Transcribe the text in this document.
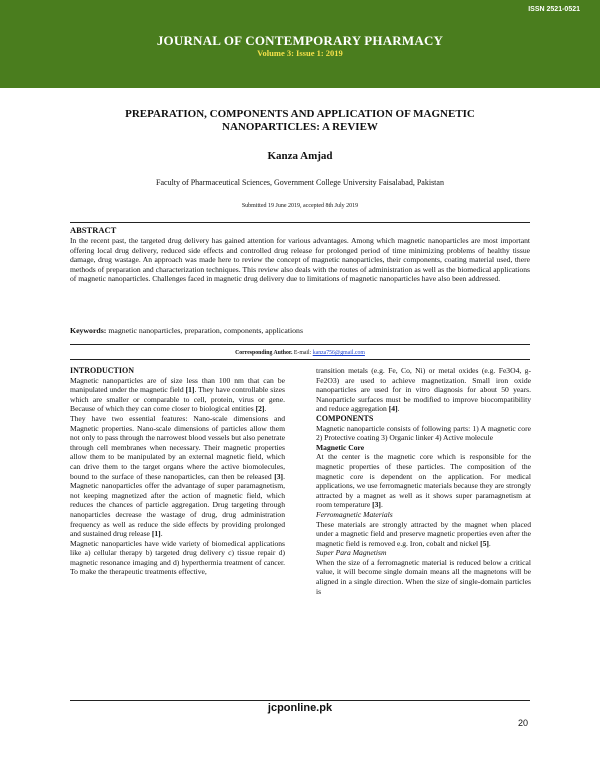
ISSN 2521-0521
JOURNAL OF CONTEMPORARY PHARMACY
Volume 3: Issue 1: 2019
PREPARATION, COMPONENTS AND APPLICATION OF MAGNETIC
NANOPARTICLES: A REVIEW
Kanza Amjad
Faculty of Pharmaceutical Sciences, Government College University Faisalabad, Pakistan
Submitted 19 June 2019, accepted 8th July 2019
ABSTRACT
In the recent past, the targeted drug delivery has gained attention for various advantages. Among which magnetic nanoparticles are most important offering local drug delivery, reduced side effects and controlled drug release for prolonged period of time minimizing problems of healthy tissue damage, drug wastage. An approach was made here to review the concept of magnetic nanoparticles, their components, coating material used, there methods of preparation and characterization techniques. This review also deals with the routes of administration as well as the biomedical applications of magnetic nanoparticles. Challenges faced in magnetic drug delivery due to limitations of magnetic nanoparticles have also been addressed.
Keywords: magnetic nanoparticles, preparation, components, applications
Corresponding Author. E-mail: kanza756@gmail.com

INTRODUCTION

Magnetic nanoparticles are of size less than 100 nm that can be manipulated under the magnetic field [1]. They have controllable sizes which are smaller or comparable to cell, protein, virus or gene. Because of which they can come closer to biological entities [2].

They have two essential features: Nano-scale dimensions and Magnetic properties. Nano-scale dimensions of particles allow them not only to pass through the narrowest blood vessels but also penetrate through cell membranes when necessary. Their magnetic properties allow them to be manipulated by an external magnetic field, which can drive them to the target organs where the active biomolecules, bound to the surface of these nanoparticles, can then be released [3]. Magnetic nanoparticles offer the advantage of super paramagnetism, not keeping magnetized after the action of magnetic field, which reduces the chances of particle aggregation. Drug targeting through nanoparticles decrease the wastage of drug, drug administration frequency as well as reduce the side effects by providing prolonged and sustained drug release [1].

Magnetic nanoparticles have wide variety of biomedical applications like a) cellular therapy b) targeted drug delivery c) tissue repair d) magnetic resonance imaging and d) hyperthermia treatment of cancer. To make the therapeutic treatments effective,

transition metals (e.g. Fe, Co, Ni) or metal oxides (e.g. Fe3O4, g-Fe2O3) are used to achieve magnetization. Small iron oxide nanoparticles are used for in vitro diagnosis for about 50 years. Nanoparticle surfaces must be modified to improve biocompatibility and reduce aggregation [4].

COMPONENTS

Magnetic nanoparticle consists of following parts: 1) A magnetic core 2) Protective coating 3) Organic linker 4) Active molecule

Magnetic Core

At the center is the magnetic core which is responsible for the magnetic properties of these particles. The composition of the magnetic core is dependent on the application. For medical applications, we use ferromagnetic materials because they are strongly attracted by a magnet as well as it shows super paramagnetism at room temperature [3].

Ferromagnetic Materials

These materials are strongly attracted by the magnet when placed under a magnetic field and preserve magnetic properties even after the magnetic field is removed e.g. Iron, cobalt and nickel [5].

Super Para Magnetism

When the size of a ferromagnetic material is reduced below a critical value, it will become single domain means all the magnetons will be aligned in a single direction. When the size of single-domain particles is

jcponline.pk
20
